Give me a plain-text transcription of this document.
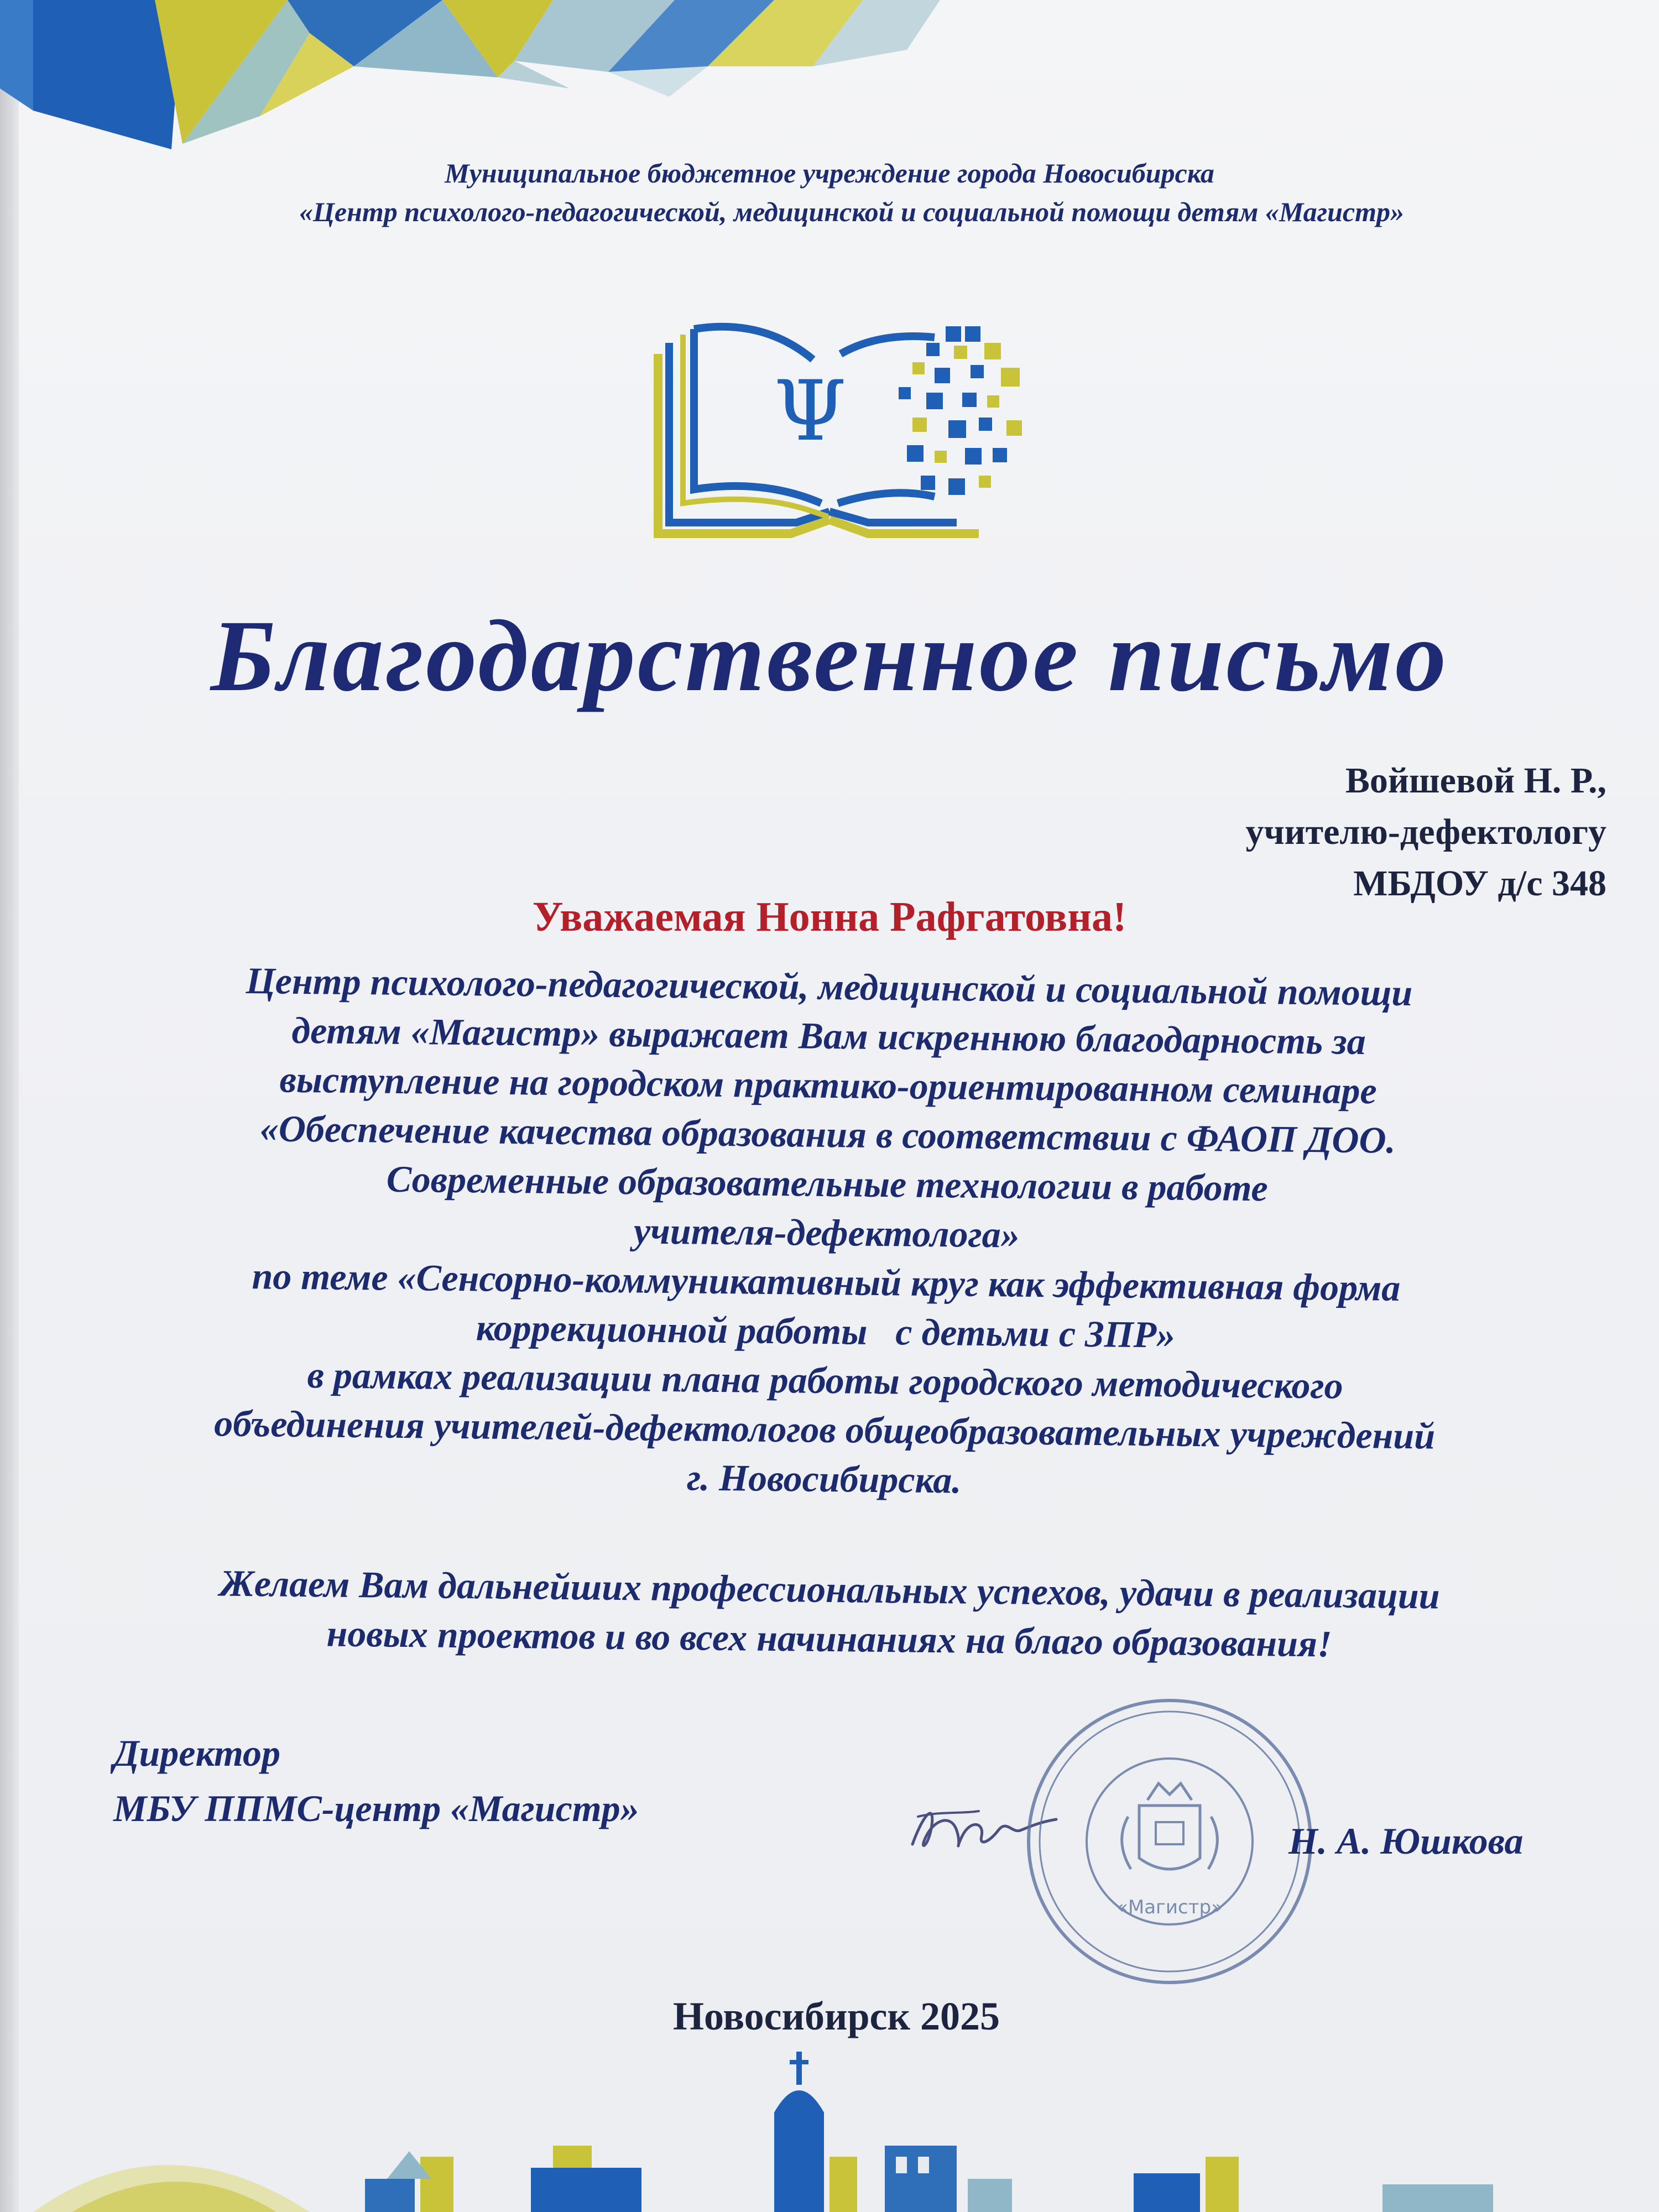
Муниципальное бюджетное учреждение города Новосибирска
«Центр психолого-педагогической, медицинской и социальной помощи детям «Магистр»
Ψ
Благодарственное письмо
Войшевой Н. Р.,
учителю-дефектологу
МБДОУ д/с 348
Уважаемая Нонна Рафгатовна!
Центр психолого-педагогической, медицинской и социальной помощи
детям «Магистр» выражает Вам искреннюю благодарность за
выступление на городском практико-ориентированном семинаре
«Обеспечение качества образования в соответствии с ФАОП ДОО.
Современные образовательные технологии в работе
учителя-дефектолога»
по теме «Сенсорно-коммуникативный круг как эффективная форма
коррекционной работы   с детьми с ЗПР»
в рамках реализации плана работы городского методического
объединения учителей-дефектологов общеобразовательных учреждений
г. Новосибирска.
Желаем Вам дальнейших профессиональных успехов, удачи в реализации
новых проектов и во всех начинаниях на благо образования!
Директор
МБУ ППМС-центр «Магистр»
«Магистр»
Н. А. Юшкова
Новосибирск 2025
